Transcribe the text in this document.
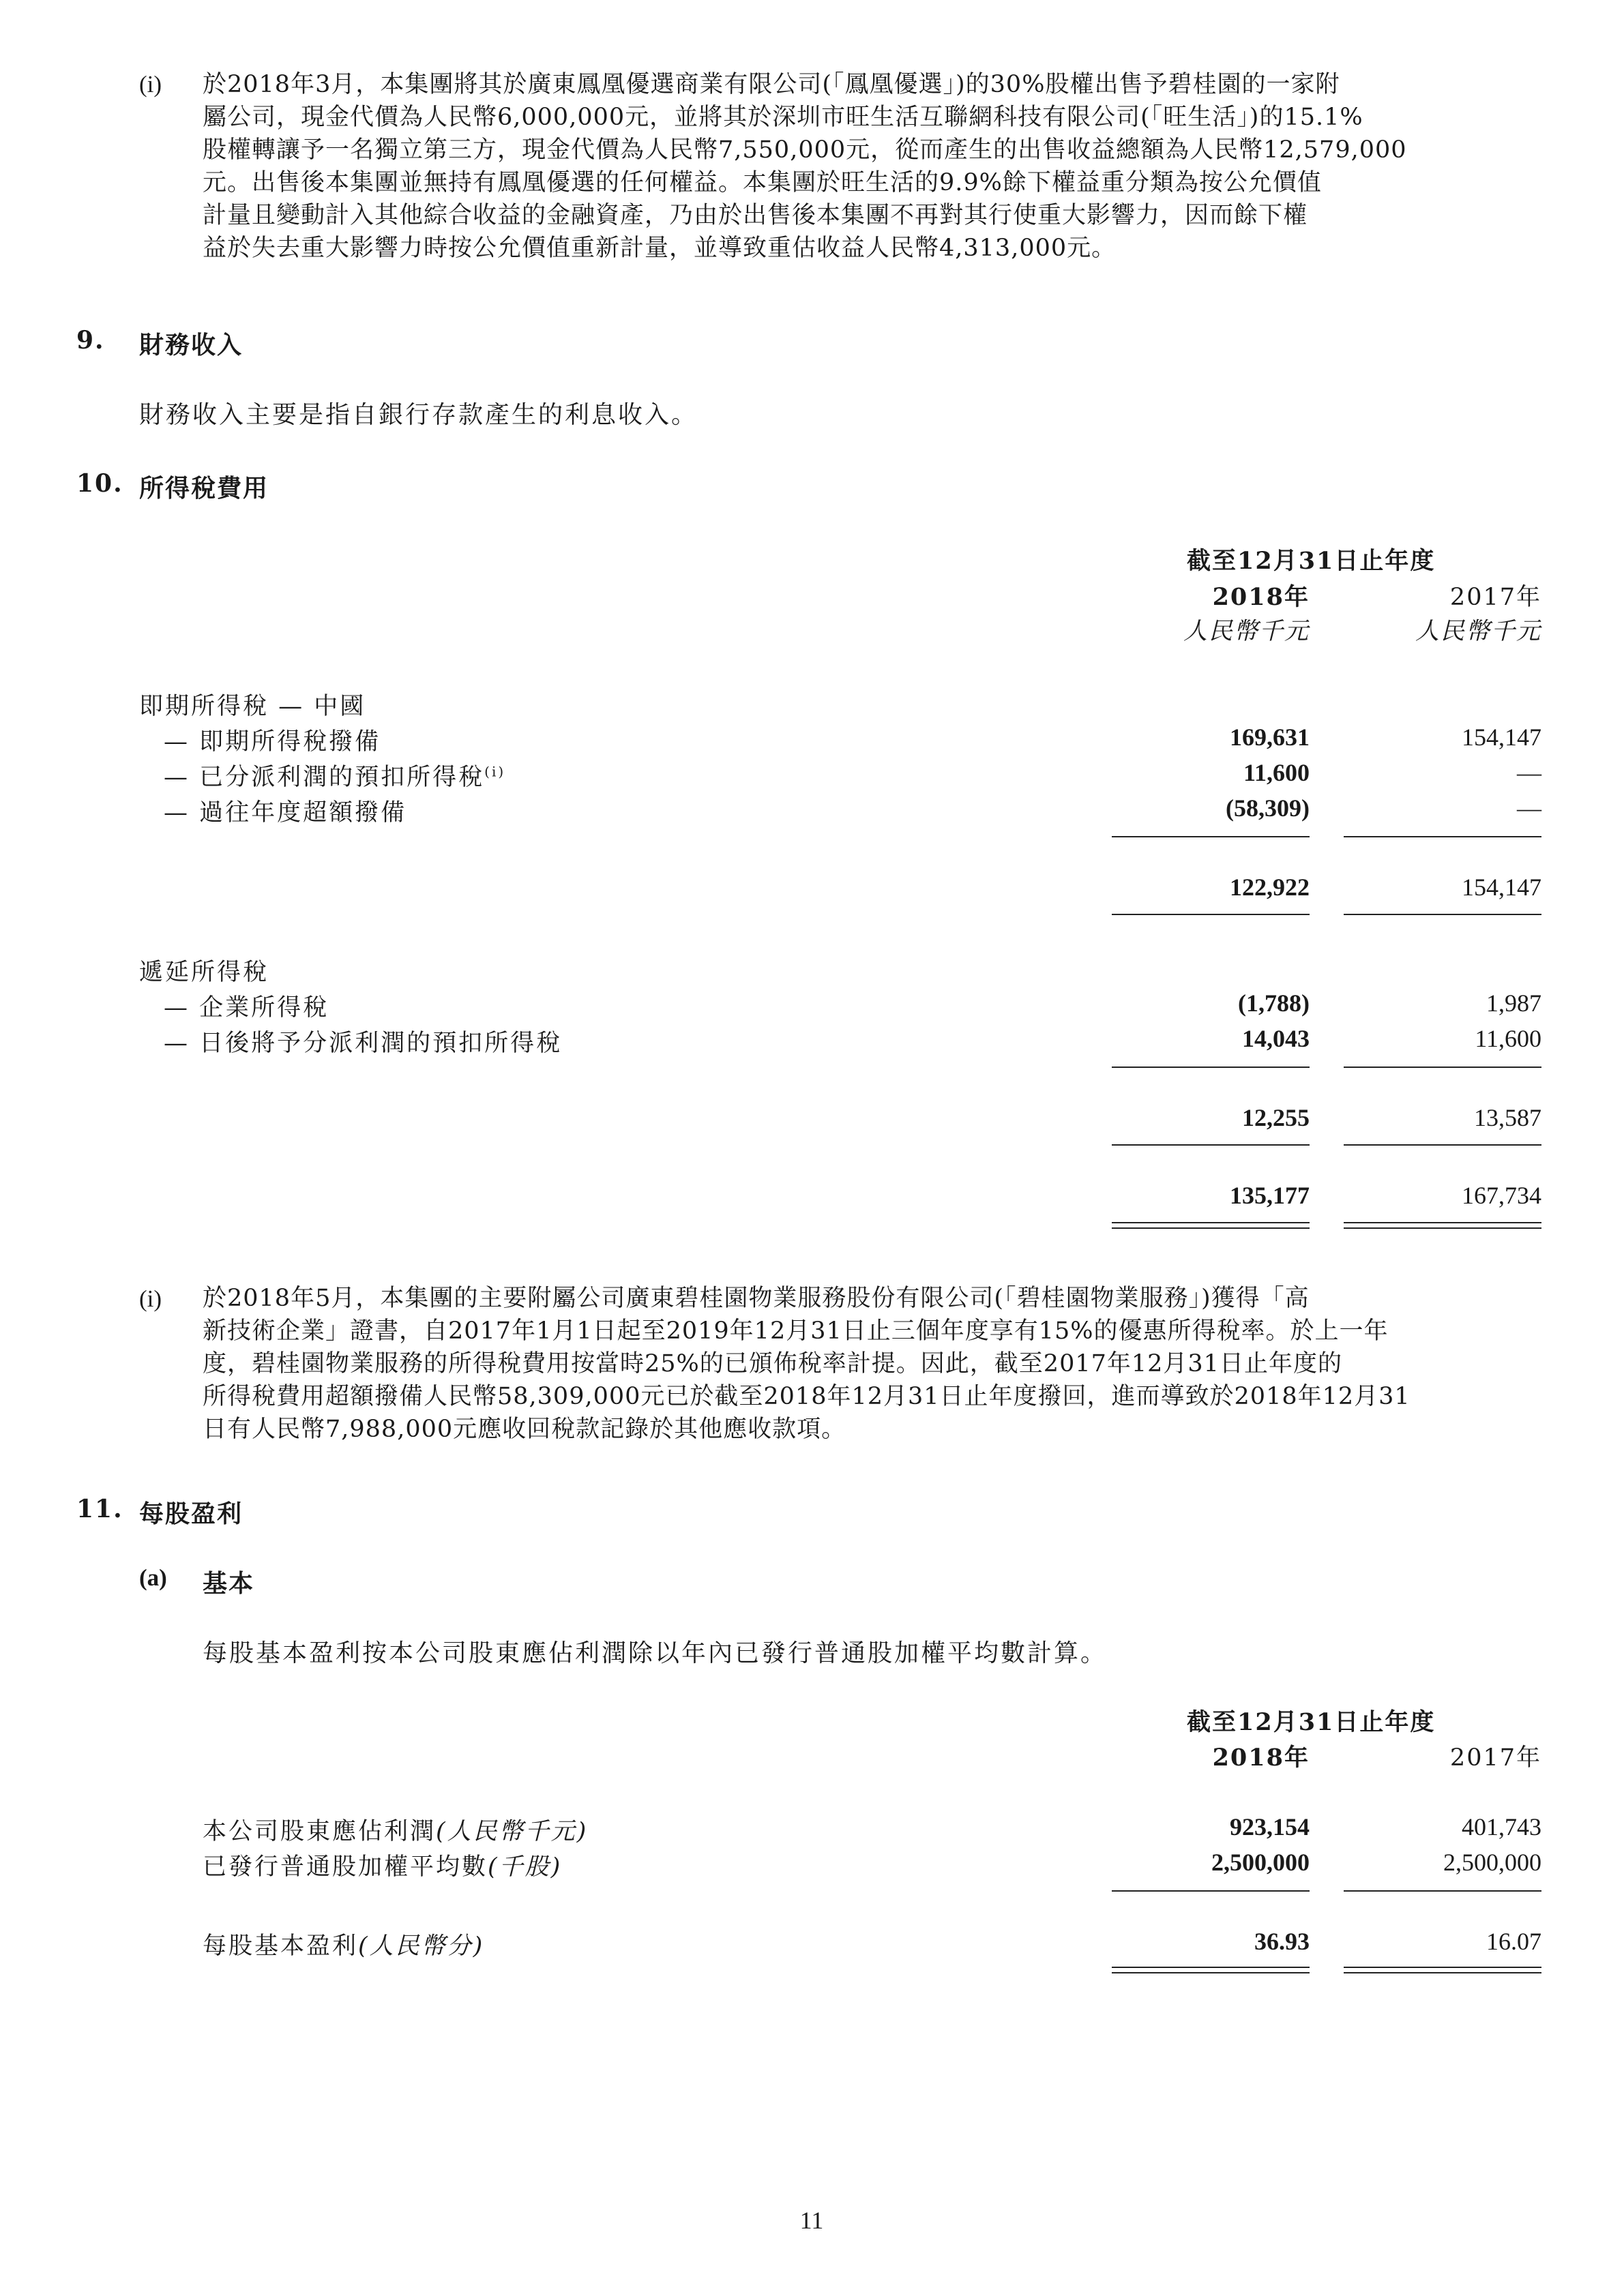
(i) 於2018年3月，本集團將其於廣東鳳凰優選商業有限公司(「鳳凰優選」)的30%股權出售予碧桂園的一家附
屬公司，現金代價為人民幣6,000,000元，並將其於深圳市旺生活互聯網科技有限公司(「旺生活」)的15.1%
股權轉讓予一名獨立第三方，現金代價為人民幣7,550,000元，從而產生的出售收益總額為人民幣12,579,000
元。出售後本集團並無持有鳳凰優選的任何權益。本集團於旺生活的9.9%餘下權益重分類為按公允價值
計量且變動計入其他綜合收益的金融資產，乃由於出售後本集團不再對其行使重大影響力，因而餘下權
益於失去重大影響力時按公允價值重新計量，並導致重估收益人民幣4,313,000元。
9. 財務收入
財務收入主要是指自銀行存款產生的利息收入。
10. 所得稅費用
截至12月31日止年度
2018年	2017年
人民幣千元	人民幣千元
即期所得稅 — 中國
— 即期所得稅撥備	169,631	154,147
— 已分派利潤的預扣所得稅$^{(i)}$	11,600	—
— 過往年度超額撥備	(58,309)	—
122,922	154,147
遞延所得稅
— 企業所得稅	(1,788)	1,987
— 日後將予分派利潤的預扣所得稅	14,043	11,600
12,255	13,587
135,177	167,734
(i) 於2018年5月，本集團的主要附屬公司廣東碧桂園物業服務股份有限公司(「碧桂園物業服務」)獲得「高
新技術企業」證書，自2017年1月1日起至2019年12月31日止三個年度享有15%的優惠所得稅率。於上一年
度，碧桂園物業服務的所得稅費用按當時25%的已頒佈稅率計提。因此，截至2017年12月31日止年度的
所得稅費用超額撥備人民幣58,309,000元已於截至2018年12月31日止年度撥回，進而導致於2018年12月31
日有人民幣7,988,000元應收回稅款記錄於其他應收款項。
11. 每股盈利
(a) 基本
每股基本盈利按本公司股東應佔利潤除以年內已發行普通股加權平均數計算。
截至12月31日止年度
2018年	2017年
本公司股東應佔利潤(人民幣千元)	923,154	401,743
已發行普通股加權平均數(千股)	2,500,000	2,500,000
每股基本盈利(人民幣分)	36.93	16.07
11
